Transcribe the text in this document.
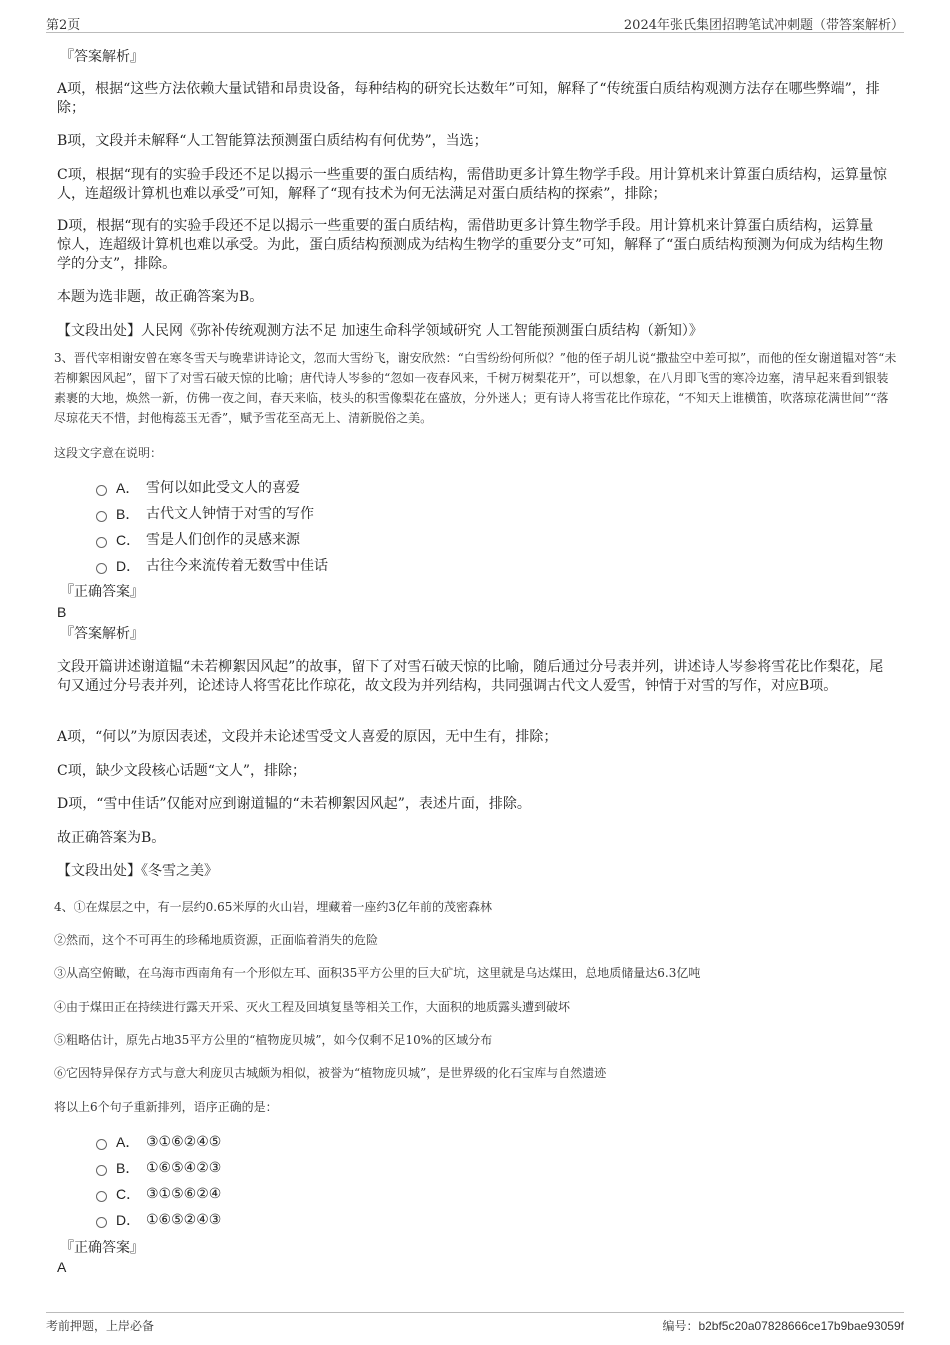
第2页	2024年张氏集团招聘笔试冲刺题（带答案解析）
『答案解析』

A项，根据“这些方法依赖大量试错和昂贵设备，每种结构的研究长达数年”可知，解释了“传统蛋白质结构观测方法存在哪些弊端”，排除；

B项，文段并未解释“人工智能算法预测蛋白质结构有何优势”，当选；

C项，根据“现有的实验手段还不足以揭示一些重要的蛋白质结构，需借助更多计算生物学手段。用计算机来计算蛋白质结构，运算量惊人，连超级计算机也难以承受”可知，解释了“现有技术为何无法满足对蛋白质结构的探索”，排除；

D项，根据“现有的实验手段还不足以揭示一些重要的蛋白质结构，需借助更多计算生物学手段。用计算机来计算蛋白质结构，运算量惊人，连超级计算机也难以承受。为此，蛋白质结构预测成为结构生物学的重要分支”可知，解释了“蛋白质结构预测为何成为结构生物学的分支”，排除。

本题为选非题，故正确答案为B。

【文段出处】人民网《弥补传统观测方法不足 加速生命科学领域研究 人工智能预测蛋白质结构（新知）》

3、晋代宰相谢安曾在寒冬雪天与晚辈讲诗论文，忽而大雪纷飞，谢安欣然：“白雪纷纷何所似？”他的侄子胡儿说“撒盐空中差可拟”，而他的侄女谢道韫对答“未若柳絮因风起”，留下了对雪石破天惊的比喻；唐代诗人岑参的“忽如一夜春风来，千树万树梨花开”，可以想象，在八月即飞雪的寒冷边塞，清早起来看到银装素裹的大地，焕然一新，仿佛一夜之间，春天来临，枝头的积雪像梨花在盛放，分外迷人；更有诗人将雪花比作琼花，“不知天上谁横笛，吹落琼花满世间”“落尽琼花天不惜，封他梅蕊玉无香”，赋予雪花至高无上、清新脱俗之美。

这段文字意在说明：

A． 雪何以如此受文人的喜爱
B． 古代文人钟情于对雪的写作
C． 雪是人们创作的灵感来源
D． 古往今来流传着无数雪中佳话
『正确答案』
B
『答案解析』

文段开篇讲述谢道韫“未若柳絮因风起”的故事，留下了对雪石破天惊的比喻，随后通过分号表并列，讲述诗人岑参将雪花比作梨花，尾句又通过分号表并列，论述诗人将雪花比作琼花，故文段为并列结构，共同强调古代文人爱雪，钟情于对雪的写作，对应B项。

A项，“何以”为原因表述，文段并未论述雪受文人喜爱的原因，无中生有，排除；

C项，缺少文段核心话题“文人”，排除；

D项，“雪中佳话”仅能对应到谢道韫的“未若柳絮因风起”，表述片面，排除。

故正确答案为B。

【文段出处】《冬雪之美》

4、①在煤层之中，有一层约0.65米厚的火山岩，埋藏着一座约3亿年前的茂密森林

②然而，这个不可再生的珍稀地质资源，正面临着消失的危险

③从高空俯瞰，在乌海市西南角有一个形似左耳、面积35平方公里的巨大矿坑，这里就是乌达煤田，总地质储量达6.3亿吨

④由于煤田正在持续进行露天开采、灭火工程及回填复垦等相关工作，大面积的地质露头遭到破坏

⑤粗略估计，原先占地35平方公里的“植物庞贝城”，如今仅剩不足10%的区域分布

⑥它因特异保存方式与意大利庞贝古城颇为相似，被誉为“植物庞贝城”，是世界级的化石宝库与自然遗迹

将以上6个句子重新排列，语序正确的是：

A． ③①⑥②④⑤
B． ①⑥⑤④②③
C． ③①⑤⑥②④
D． ①⑥⑤②④③
『正确答案』
A
考前押题，上岸必备	编号：b2bf5c20a07828666ce17b9bae93059f
